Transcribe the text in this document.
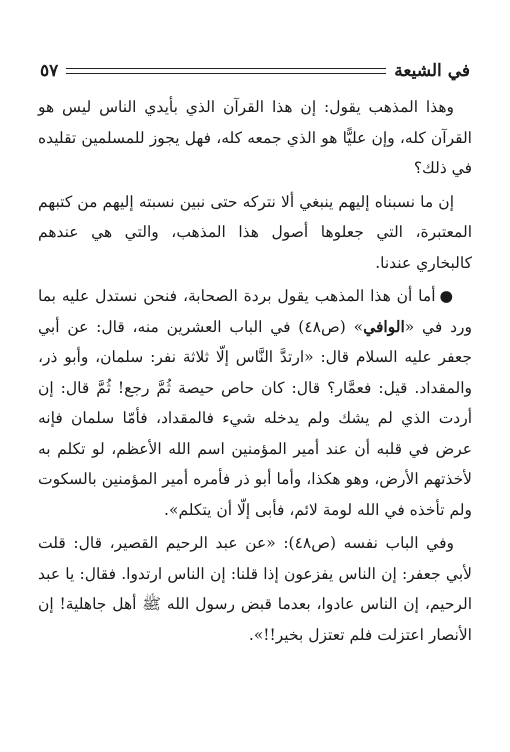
في الشيعة
٥٧

وهذا المذهب يقول: إن هذا القرآن الذي بأيدي الناس ليس هو القرآن كله، وإن عليًّا هو الذي جمعه كله، فهل يجوز للمسلمين تقليده في ذلك؟

إن ما نسبناه إليهم ينبغي ألا نتركه حتى نبين نسبته إليهم من كتبهم المعتبرة، التي جعلوها أصول هذا المذهب، والتي هي عندهم كالبخاري عندنا.

●أما أن هذا المذهب يقول بردة الصحابة، فنحن نستدل عليه بما ورد في «الوافي» (ص٤٨) في الباب العشرين منه، قال: عن أبي جعفر عليه السلام قال: «ارتدَّ النَّاس إلّا ثلاثة نفر: سلمان، وأبو ذر، والمقداد. قيل: فعمَّار؟ قال: كان حاص حيصة ثُمَّ رجع! ثُمَّ قال: إن أردت الذي لم يشك ولم يدخله شيء فالمقداد، فأمّا سلمان فإنه عرض في قلبه أن عند أمير المؤمنين اسم الله الأعظم، لو تكلم به لأخذتهم الأرض، وهو هكذا، وأما أبو ذر فأمره أمير المؤمنين بالسكوت ولم تأخذه في الله لومة لائم، فأبى إلّا أن يتكلم».

وفي الباب نفسه (ص٤٨): «عن عبد الرحيم القصير، قال: قلت لأبي جعفر: إن الناس يفزعون إذا قلنا: إن الناس ارتدوا. فقال: يا عبد الرحيم، إن الناس عادوا، بعدما قبض رسول الله ﷺ أهل جاهلية! إن الأنصار اعتزلت فلم تعتزل بخير!!».
